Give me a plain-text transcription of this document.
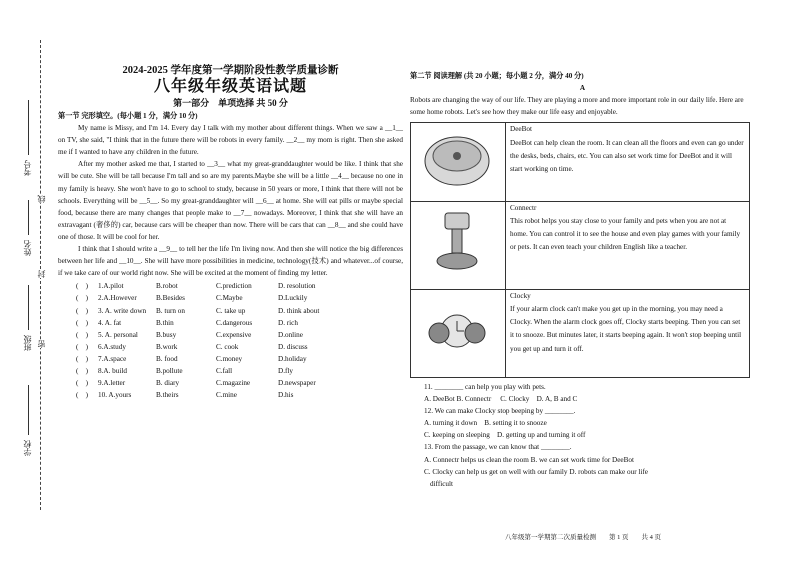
考号
线
姓名
封
班级 密
学校
2024-2025 学年度第一学期阶段性教学质量诊断
八年级年级英语试题
第一部分　单项选择 共 50 分
第一节 完形填空。(每小题 1 分，满分 10 分)

My name is Missy, and I'm 14. Every day I talk with my mother about different things. When we saw a __1__ on TV, she said, "I think that in the future there will be robots in every family. __2__ my mom is right. Then she asked me if I wanted to have any children in the future.

After my mother asked me that, I started to __3__ what my great-granddaughter would be like. I think that she will be cute. She will be tall because I'm tall and so are my parents.Maybe she will be a little __4__ because no one in my family is heavy. She won't have to go to school to study, because in 50 years or more, I think that there will not be schools. Everything will be __5__. So my great-granddaughter will __6__ at home. She will eat pills or maybe special food, because there are many changes that people make to __7__ nowadays. Moreover, I think that she will have an extravagant (奢侈的) car, because cars will be cheaper than now. There will be cars that can __8__ and she could have one of those. It will be cool for her.

I think that I should write a __9__ to tell her the life I'm living now. And then she will notice the big differences between her life and __10__. She will have more possibilities in medicine, technology(技术) and whatever...of course, if we take care of our world right now. She will be excited at the moment of finding my letter.

(　)	1.A.pilot	B.robot	C.prediction	D. resolution
(　)	2.A.However	B.Besides	C.Maybe	D.Luckily
(　)	3. A. write down	B. turn on	C. take up	D. think about
(　)	4. A. fat	B.thin	C.dangerous	D. rich
(　)	5. A. personal	B.busy	C.expensive	D.online
(　)	6.A.study	B.work	C. cook	D. discuss
(　)	7.A.space	B. food	C.money	D.holiday
(　)	8.A. build	B.pollute	C.fall	D.fly
(　)	9.A.letter	B. diary	C.magazine	D.newspaper
(　)	10. A.yours	B.theirs	C.mine	D.his
第二节 阅读理解 (共 20 小题；每小题 2 分，满分 40 分)
A

Robots are changing the way of our life. They are playing a more and more important role in our daily life. Here are some home robots. Let's see how they make our life easy and enjoyable.

DeeBot
DeeBot can help clean the room. It can clean all the floors and even can go under the desks, beds, chairs, etc. You can also set work time for DeeBot and it will start working on time.

Connectr
This robot helps you stay close to your family and pets when you are not at home. You can control it to see the house and even play games with your family or pets. It can even teach your children English like a teacher.

Clocky
If your alarm clock can't make you get up in the morning, you may need a Clocky. When the alarm clock goes off, Clocky starts beeping. Then you can set it to snooze. But minutes later, it starts beeping again. It won't stop beeping until you get up and turn it off.
11. ________ can help you play with pets.
A. DeeBot B. Connectr　 C. Clocky　D. A, B and C
12. We can make Clocky stop beeping by ________.
A. turning it down　B. setting it to snooze
C. keeping on sleeping　D. getting up and turning it off
13. From the passage, we can know that ________.
A. Connectr helps us clean the room B. we can set work time for DeeBot
C. Clocky can help us get on well with our family D. robots can make our life
difficult
八年级第一学期第二次质量检测　　第 1 页　　共 4 页
